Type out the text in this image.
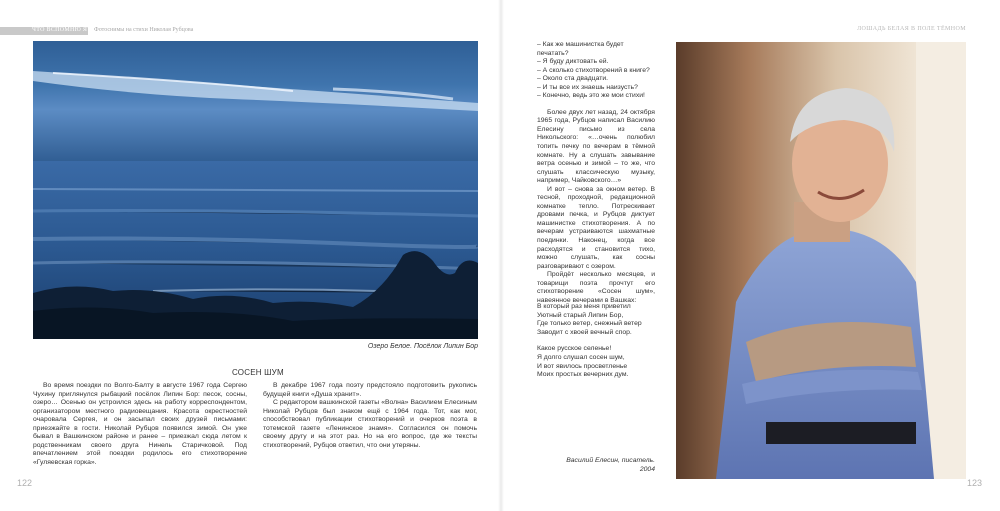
ЧТО ВСПОМНЮ Я? Фотоснимы на стихи Николая Рубцова	ЛОШАДЬ БЕЛАЯ В ПОЛЕ ТЁМНОМ
Озеро Белое. Посёлок Липин Бор
СОСЕН ШУМ

Во время поездки по Волго-Балту в августе 1967 года Сергею Чухину приглянулся рыбацкий посёлок Липин Бор: песок, сосны, озеро… Осенью он устроился здесь на работу корреспондентом, организатором местного радиовещания. Красота окрестностей очаровала Сергея, и он засыпал своих друзей письмами: приезжайте в гости. Николай Рубцов появился зимой. Он уже бывал в Вашкинском районе и ранее – приезжал сюда летом к родственникам своего друга Нинель Старичковой. Под впечатлением этой поездки родилось его стихотворение «Гуляевская горка».

В декабре 1967 года поэту предстояло подготовить рукопись будущей книги «Душа хранит».

С редактором вашкинской газеты «Волна» Василием Елесиным Николай Рубцов был знаком ещё с 1964 года. Тот, как мог, способствовал публикации стихотворений и очерков поэта в тотемской газете «Ленинское знамя». Согласился он помочь своему другу и на этот раз. Но на его вопрос, где же тексты стихотворений, Рубцов ответил, что они утеряны.

– Как же машинистка будет печатать?

– Я буду диктовать ей.

– А сколько стихотворений в книге?

– Около ста двадцати.

– И ты все их знаешь наизусть?

– Конечно, ведь это же мои стихи!

Более двух лет назад, 24 октября 1965 года, Рубцов написал Василию Елесину письмо из села Никольского: «…очень полюбил топить печку по вечерам в тёмной комнате. Ну а слушать завывание ветра осенью и зимой – то же, что слушать классическую музыку, например, Чайковского…»

И вот – снова за окном ветер. В тесной, проходной, редакционной комнатке тепло. Потрескивает дровами печка, и Рубцов диктует машинистке стихотворения. А по вечерам устраиваются шахматные поединки. Наконец, когда все расходятся и становится тихо, можно слушать, как сосны разговаривают с озером.

Пройдёт несколько месяцев, и товарищи поэта прочтут его стихотворение «Сосен шум», навеянное вечерами в Вашках:

В который раз меня приветил
Уютный старый Липин Бор,
Где только ветер, снежный ветер
Заводит с хвоей вечный спор.
Какое русское селенье!
Я долго слушал сосен шум,
И вот явилось просветленье
Моих простых вечерних дум.
Василий Елесин, писатель.
2004
122	123
